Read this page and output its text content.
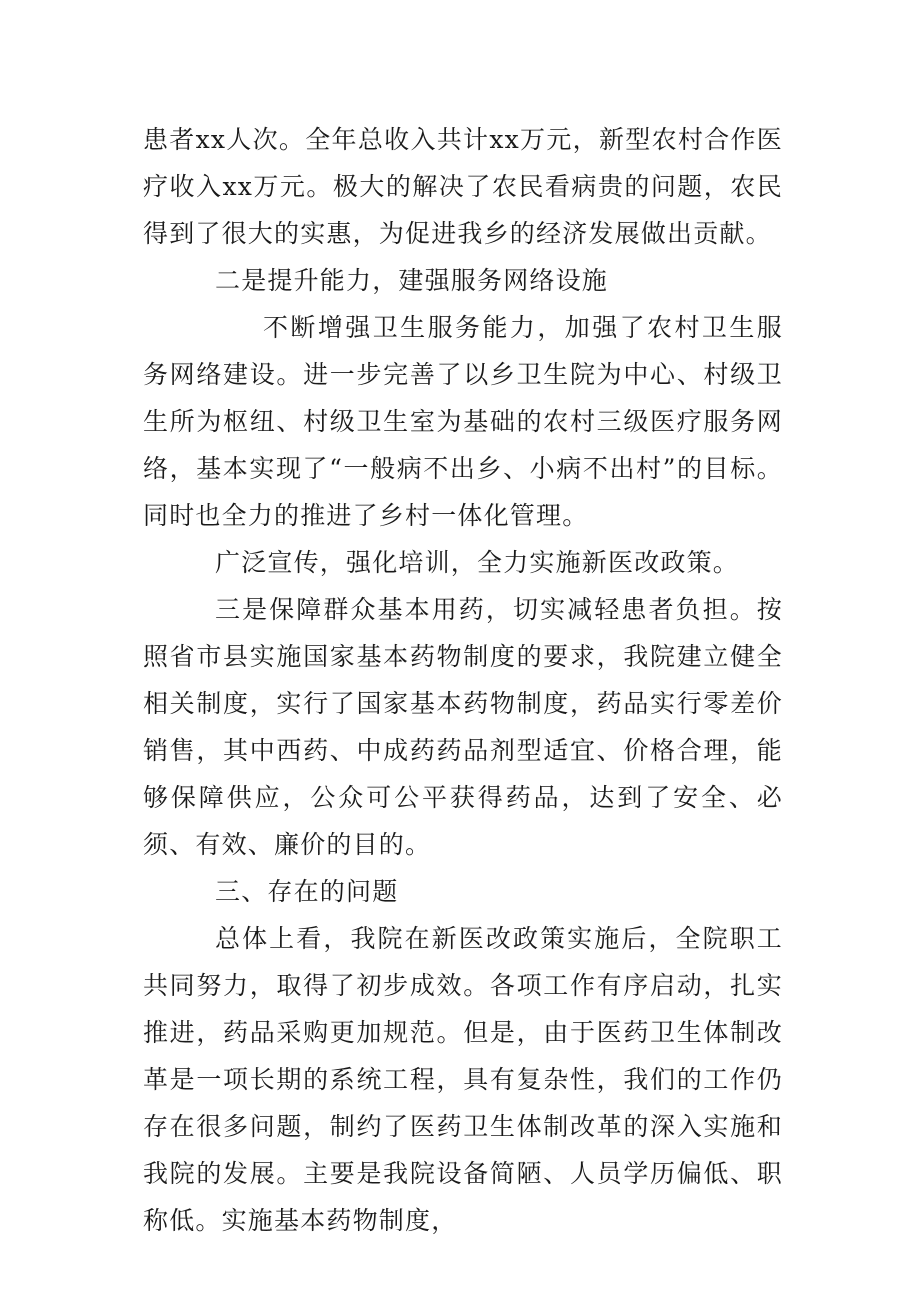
患者xx人次。全年总收入共计xx万元，新型农村合作医疗收入xx万元。极大的解决了农民看病贵的问题，农民得到了很大的实惠，为促进我乡的经济发展做出贡献。

二是提升能力，建强服务网络设施

不断增强卫生服务能力，加强了农村卫生服务网络建设。进一步完善了以乡卫生院为中心、村级卫生所为枢纽、村级卫生室为基础的农村三级医疗服务网络，基本实现了“一般病不出乡、小病不出村”的目标。同时也全力的推进了乡村一体化管理。

广泛宣传，强化培训，全力实施新医改政策。

三是保障群众基本用药，切实减轻患者负担。按照省市县实施国家基本药物制度的要求，我院建立健全相关制度，实行了国家基本药物制度，药品实行零差价销售，其中西药、中成药药品剂型适宜、价格合理，能够保障供应，公众可公平获得药品，达到了安全、必须、有效、廉价的目的。

三、存在的问题

总体上看，我院在新医改政策实施后，全院职工共同努力，取得了初步成效。各项工作有序启动，扎实推进，药品采购更加规范。但是，由于医药卫生体制改革是一项长期的系统工程，具有复杂性，我们的工作仍存在很多问题，制约了医药卫生体制改革的深入实施和我院的发展。主要是我院设备简陋、人员学历偏低、职称低。实施基本药物制度，
